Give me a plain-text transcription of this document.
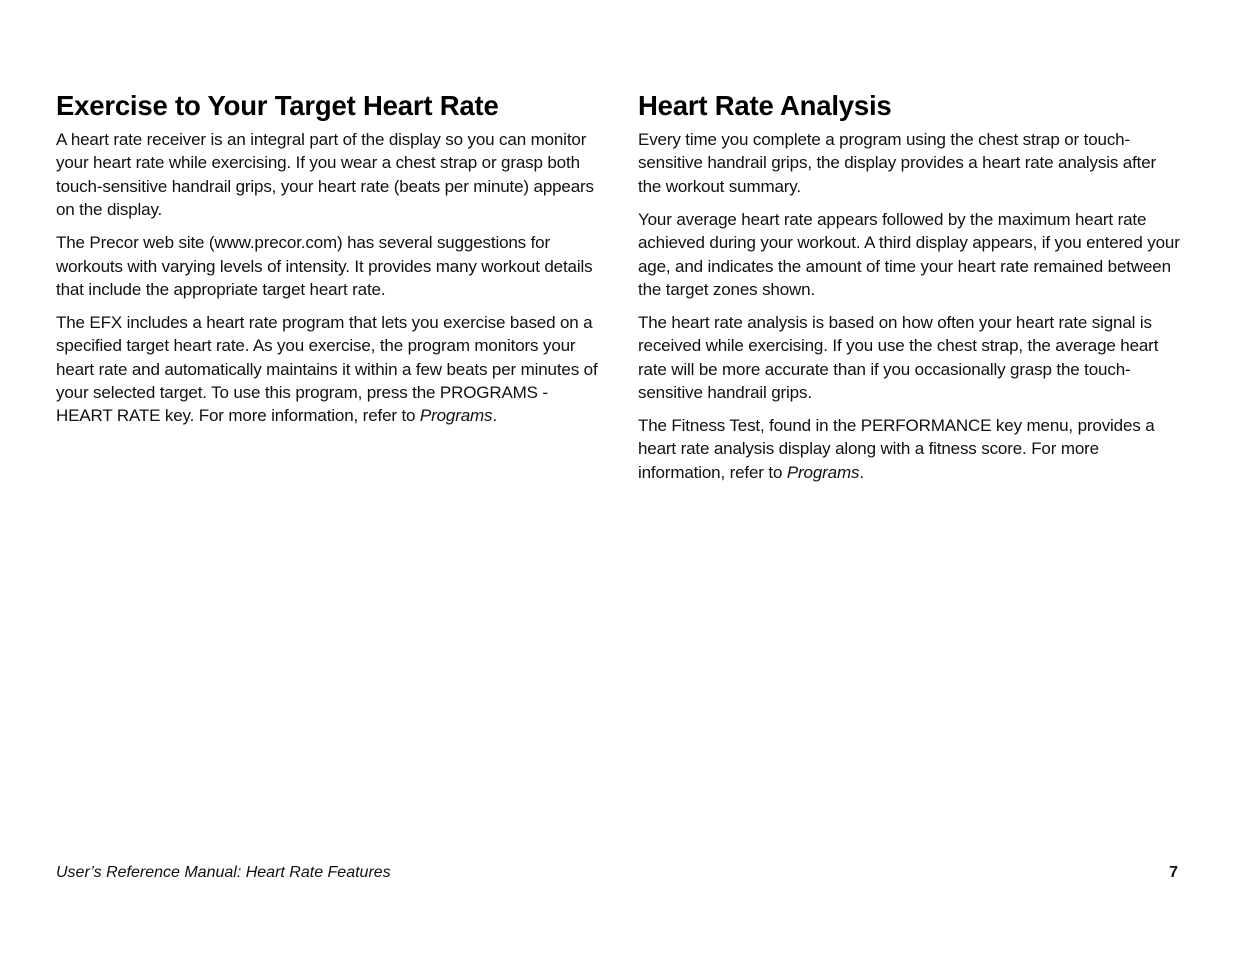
Exercise to Your Target Heart Rate

A heart rate receiver is an integral part of the display so you can monitor your heart rate while exercising. If you wear a chest strap or grasp both touch-sensitive handrail grips, your heart rate (beats per minute) appears on the display.

The Precor web site (www.precor.com) has several suggestions for workouts with varying levels of intensity. It provides many workout details that include the appropriate target heart rate.

The EFX includes a heart rate program that lets you exercise based on a specified target heart rate. As you exercise, the program monitors your heart rate and automatically maintains it within a few beats per minutes of your selected target. To use this program, press the PROGRAMS - HEART RATE key. For more information, refer to Programs.

Heart Rate Analysis

Every time you complete a program using the chest strap or touch-sensitive handrail grips, the display provides a heart rate analysis after the workout summary.

Your average heart rate appears followed by the maximum heart rate achieved during your workout. A third display appears, if you entered your age, and indicates the amount of time your heart rate remained between the target zones shown.

The heart rate analysis is based on how often your heart rate signal is received while exercising. If you use the chest strap, the average heart rate will be more accurate than if you occasionally grasp the touch-sensitive handrail grips.

The Fitness Test, found in the PERFORMANCE key menu, provides a heart rate analysis display along with a fitness score. For more information, refer to Programs.

User’s Reference Manual: Heart Rate Features	7
